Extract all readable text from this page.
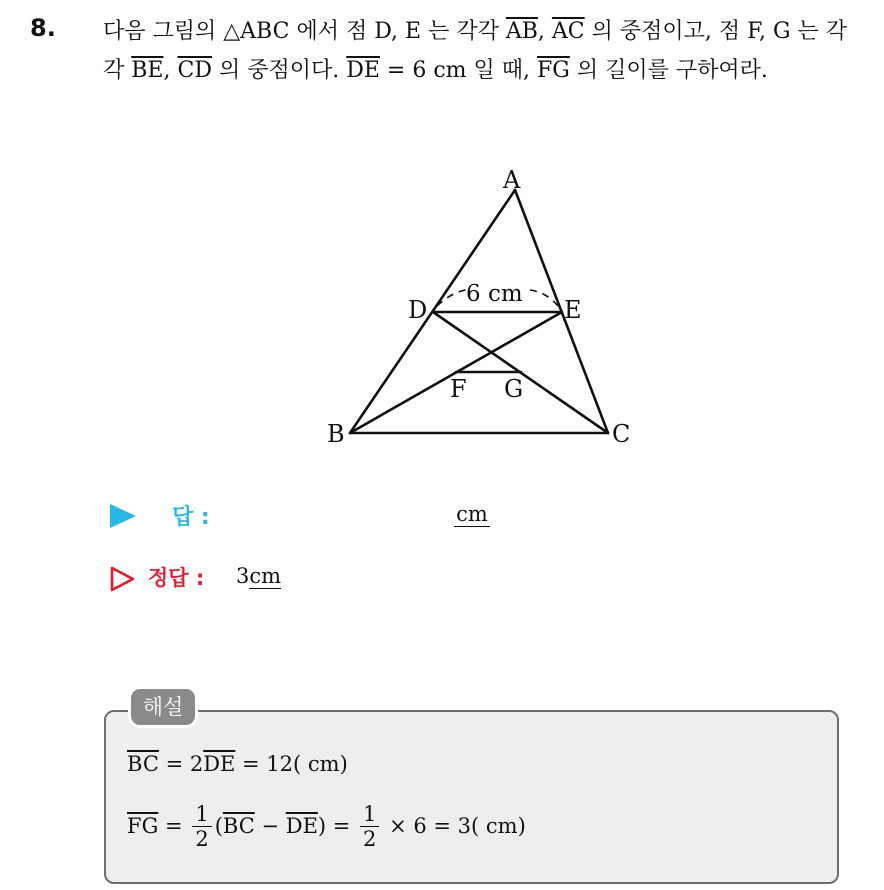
8. 다음 그림의 △ABC 에서 점 D, E 는 각각 $\overline{AB}$, $\overline{AC}$ 의 중점이고, 점 F, G 는 각각 $\overline{BE}$, $\overline{CD}$ 의 중점이다. $\overline{DE} = 6$ cm 일 때, $\overline{FG}$ 의 길이를 구하여라.
A
B	C
D	E
F G
6 cm
답 :	cm
정답 : 3cm
해설
$\overline{BC} = 2\overline{DE} = 12$( cm)
$\overline{FG} = \frac{1}{2}$ ( $\overline{BC} - \overline{DE}$ ) = $\frac{1}{2} \times 6 = 3$( cm)
